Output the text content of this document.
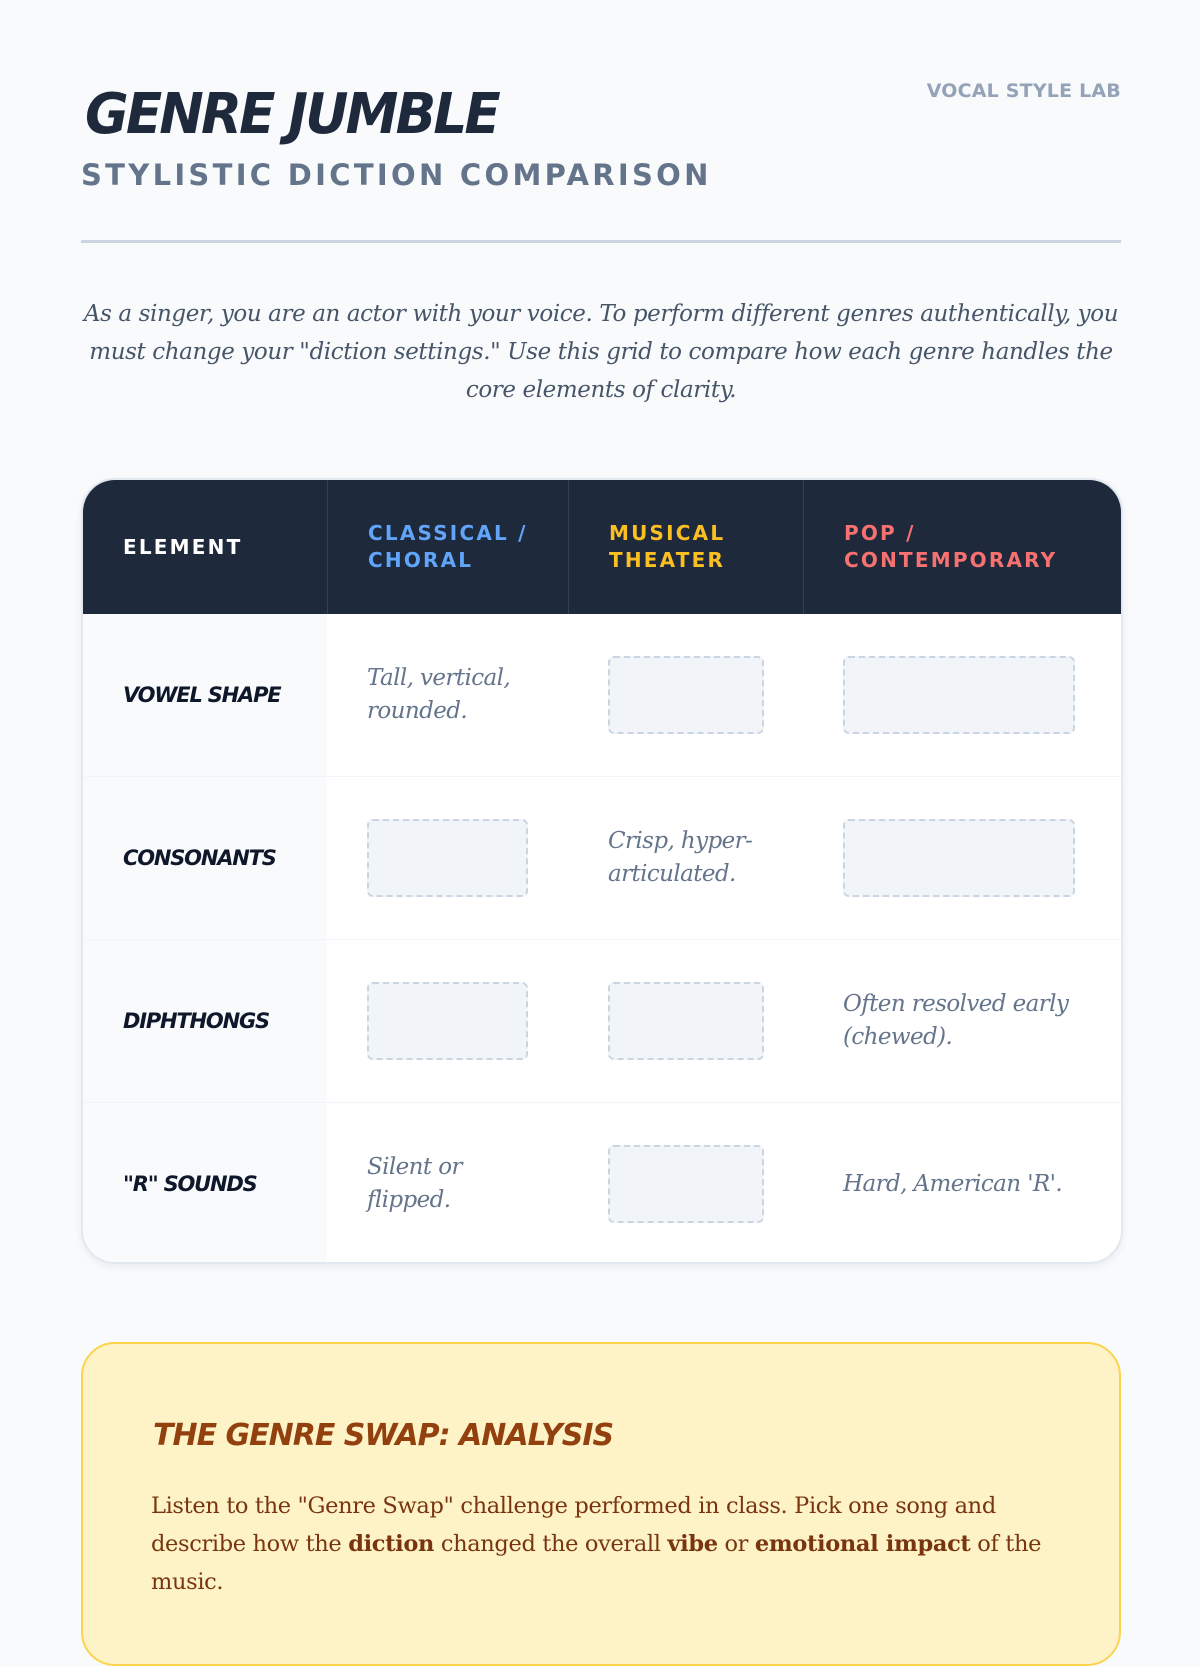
VOCAL STYLE LAB
GENRE JUMBLE
STYLISTIC DICTION COMPARISON

As a singer, you are an actor with your voice. To perform different genres authentically, you must change your "diction settings." Use this grid to compare how each genre handles the core elements of clarity.

ELEMENT
CLASSICAL / CHORAL
MUSICAL THEATER
POP / CONTEMPORARY
VOWEL SHAPE
Tall, vertical, rounded.
CONSONANTS
Crisp, hyper-articulated.
DIPHTHONGS
Often resolved early (chewed).
"R" SOUNDS
Silent or flipped.
Hard, American 'R'.
THE GENRE SWAP: ANALYSIS

Listen to the "Genre Swap" challenge performed in class. Pick one song and describe how the diction changed the overall vibe or emotional impact of the music.
